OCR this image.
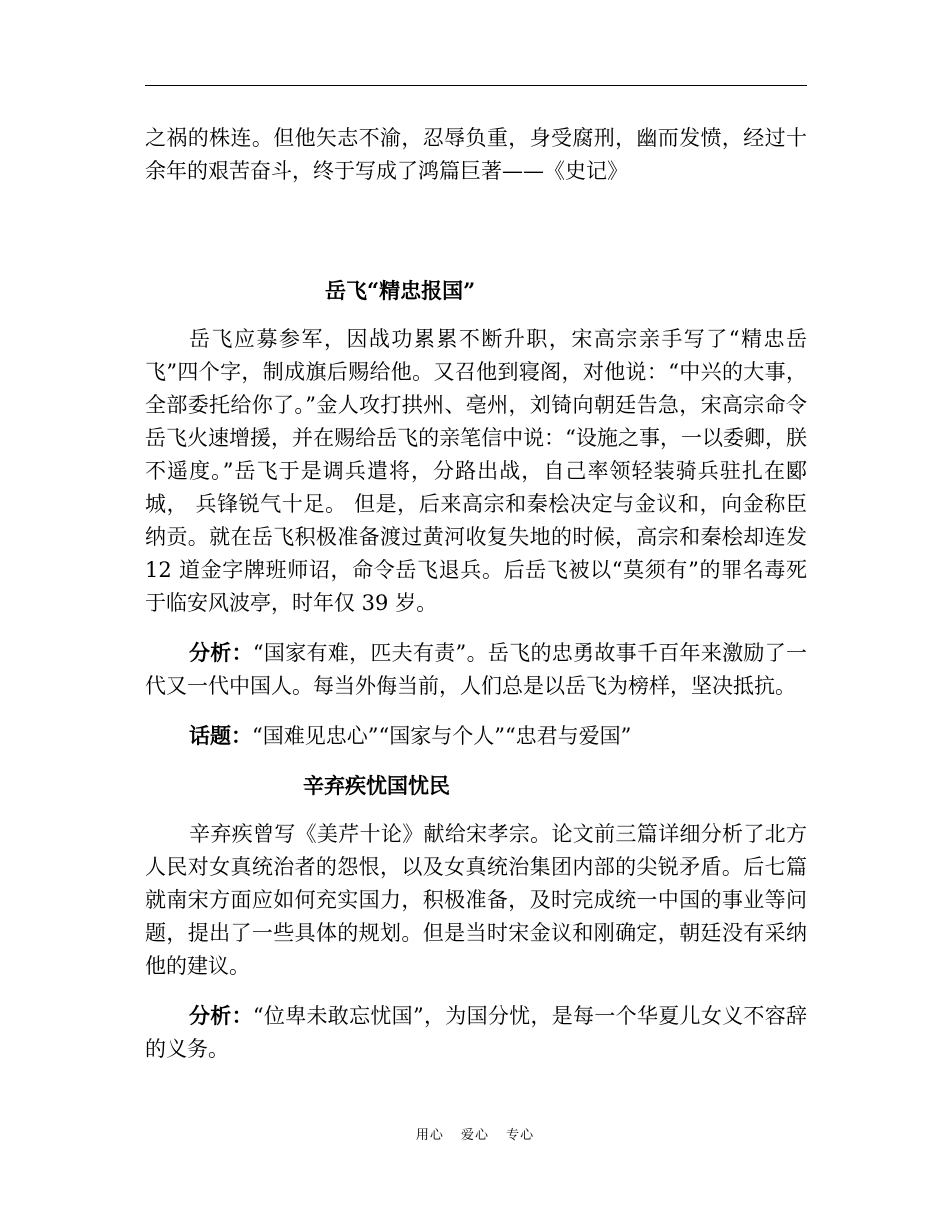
之祸的株连。但他矢志不渝，忍辱负重，身受腐刑，幽而发愤，经过十余年的艰苦奋斗，终于写成了鸿篇巨著——《史记》

岳飞“精忠报国”

岳飞应募参军，因战功累累不断升职，宋高宗亲手写了“精忠岳飞”四个字，制成旗后赐给他。又召他到寝阁，对他说：“中兴的大事，全部委托给你了。”金人攻打拱州、亳州，刘锜向朝廷告急，宋高宗命令岳飞火速增援，并在赐给岳飞的亲笔信中说：“设施之事，一以委卿，朕不遥度。”岳飞于是调兵遣将，分路出战，自己率领轻装骑兵驻扎在郾城， 兵锋锐气十足。 但是，后来高宗和秦桧决定与金议和，向金称臣纳贡。就在岳飞积极准备渡过黄河收复失地的时候，高宗和秦桧却连发 12 道金字牌班师诏，命令岳飞退兵。后岳飞被以“莫须有”的罪名毒死于临安风波亭，时年仅 39 岁。

分析：“国家有难，匹夫有责”。岳飞的忠勇故事千百年来激励了一代又一代中国人。每当外侮当前，人们总是以岳飞为榜样，坚决抵抗。

话题：“国难见忠心”“国家与个人”“忠君与爱国”

辛弃疾忧国忧民

辛弃疾曾写《美芹十论》献给宋孝宗。论文前三篇详细分析了北方人民对女真统治者的怨恨，以及女真统治集团内部的尖锐矛盾。后七篇就南宋方面应如何充实国力，积极准备，及时完成统一中国的事业等问题，提出了一些具体的规划。但是当时宋金议和刚确定，朝廷没有采纳他的建议。

分析：“位卑未敢忘忧国”，为国分忧，是每一个华夏儿女义不容辞的义务。

用心 爱心 专心
